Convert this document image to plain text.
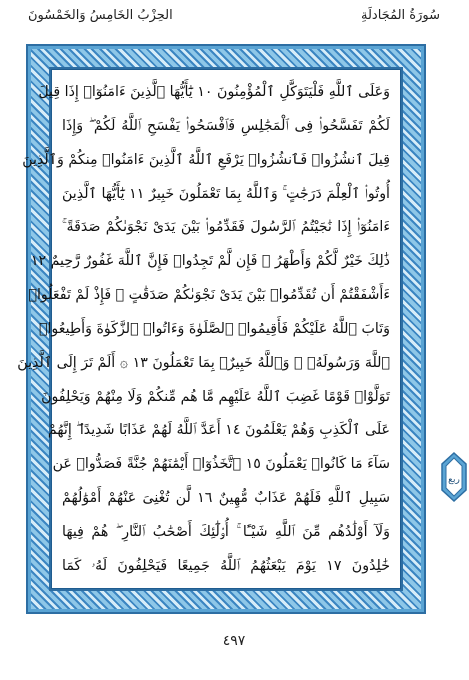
سُورَةُ المُجَادلَةِ
الحِزْبُ الخَامِسُ وَالخَمْسُونَ
وَعَلَى ٱللَّهِ فَلْيَتَوَكَّلِ ٱلْمُؤْمِنُونَ ١٠ يَٰٓأَيُّهَا ٱلَّذِينَ ءَامَنُوٓا۟ إِذَا قِيلَ
لَكُمْ تَفَسَّحُوا۟ فِى ٱلْمَجَٰلِسِ فَٱفْسَحُوا۟ يَفْسَحِ ٱللَّهُ لَكُمْ ۖ وَإِذَا
قِيلَ ٱنشُزُوا۟ فَٱنشُزُوا۟ يَرْفَعِ ٱللَّهُ ٱلَّذِينَ ءَامَنُوا۟ مِنكُمْ وَٱلَّذِينَ
أُوتُوا۟ ٱلْعِلْمَ دَرَجَٰتٍ ۚ وَٱللَّهُ بِمَا تَعْمَلُونَ خَبِيرٌ ١١ يَٰٓأَيُّهَا ٱلَّذِينَ
ءَامَنُوٓا۟ إِذَا نَٰجَيْتُمُ ٱلرَّسُولَ فَقَدِّمُوا۟ بَيْنَ يَدَىْ نَجْوَىٰكُمْ صَدَقَةً ۚ
ذَٰلِكَ خَيْرٌ لَّكُمْ وَأَطْهَرُ ۚ فَإِن لَّمْ تَجِدُوا۟ فَإِنَّ ٱللَّهَ غَفُورٌ رَّحِيمٌ ١٢
ءَأَشْفَقْتُمْ أَن تُقَدِّمُوا۟ بَيْنَ يَدَىْ نَجْوَىٰكُمْ صَدَقَٰتٍ ۚ فَإِذْ لَمْ تَفْعَلُوا۟
وَتَابَ ٱللَّهُ عَلَيْكُمْ فَأَقِيمُوا۟ ٱلصَّلَوٰةَ وَءَاتُوا۟ ٱلزَّكَوٰةَ وَأَطِيعُوا۟
ٱللَّهَ وَرَسُولَهُۥ ۚ وَٱللَّهُ خَبِيرٌۢ بِمَا تَعْمَلُونَ ١٣ ۞ أَلَمْ تَرَ إِلَى ٱلَّذِينَ
تَوَلَّوْا۟ قَوْمًا غَضِبَ ٱللَّهُ عَلَيْهِم مَّا هُم مِّنكُمْ وَلَا مِنْهُمْ وَيَحْلِفُونَ
عَلَى ٱلْكَذِبِ وَهُمْ يَعْلَمُونَ ١٤ أَعَدَّ ٱللَّهُ لَهُمْ عَذَابًا شَدِيدًا ۖ إِنَّهُمْ
سَآءَ مَا كَانُوا۟ يَعْمَلُونَ ١٥ ٱتَّخَذُوٓا۟ أَيْمَٰنَهُمْ جُنَّةً فَصَدُّوا۟ عَن
سَبِيلِ ٱللَّهِ فَلَهُمْ عَذَابٌ مُّهِينٌ ١٦ لَّن تُغْنِىَ عَنْهُمْ أَمْوَٰلُهُمْ
وَلَآ أَوْلَٰدُهُم مِّنَ ٱللَّهِ شَيْـًٔا ۚ أُو۟لَٰٓئِكَ أَصْحَٰبُ ٱلنَّارِ ۖ هُمْ فِيهَا
خَٰلِدُونَ ١٧ يَوْمَ يَبْعَثُهُمُ ٱللَّهُ جَمِيعًا فَيَحْلِفُونَ لَهُۥ كَمَا
ربع
٤٩٧
